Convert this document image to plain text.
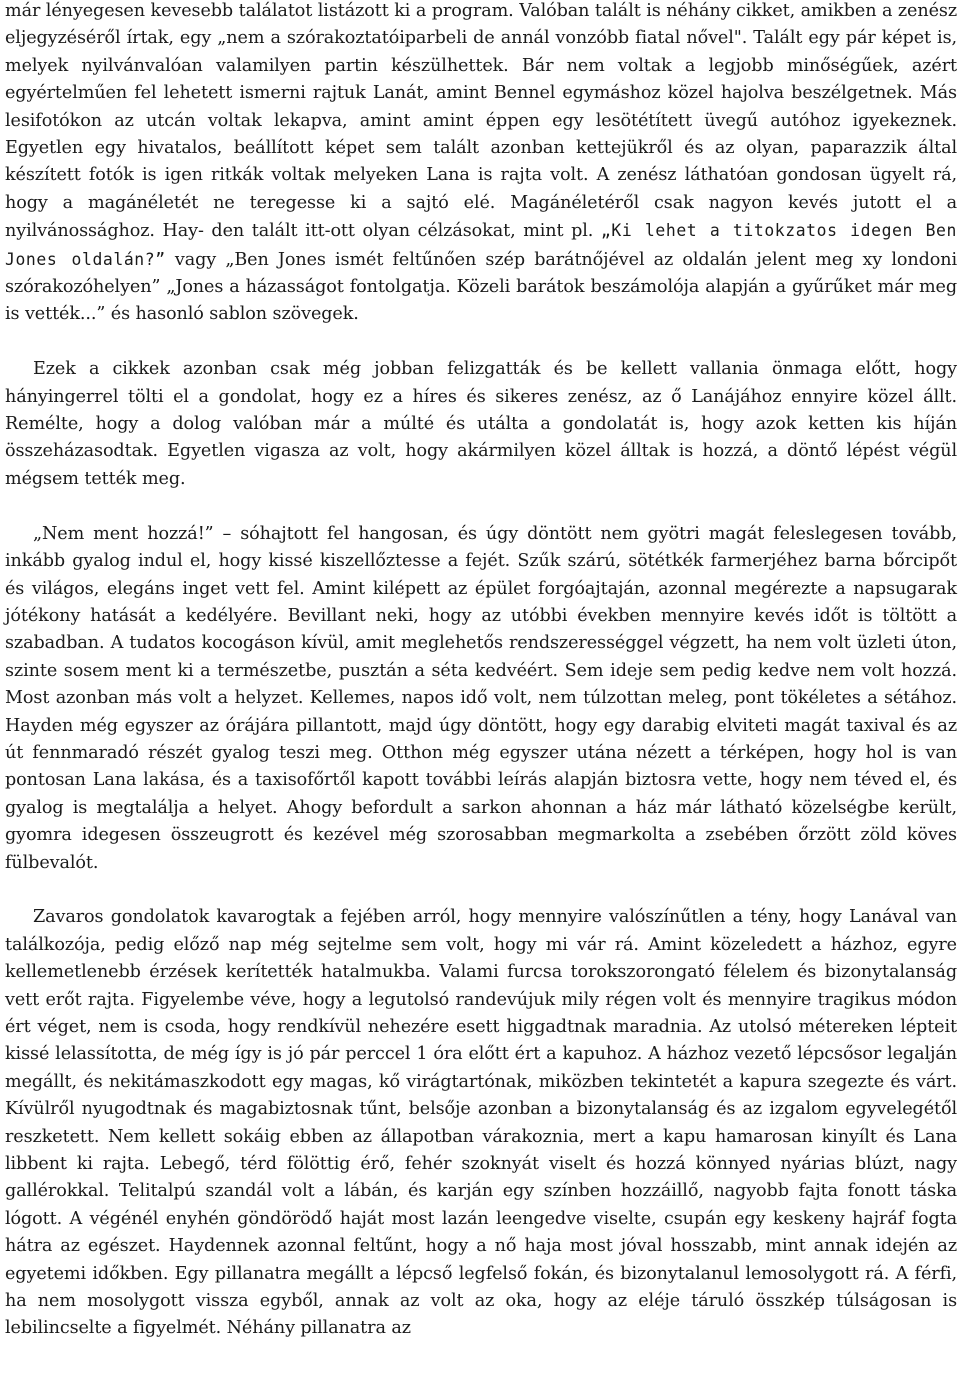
már lényegesen kevesebb találatot listázott ki a program. Valóban talált is néhány cikket, amikben a zenész eljegyzéséről írtak, egy „nem a szórakoztatóiparbeli de annál vonzóbb fiatal nővel". Talált egy pár képet is, melyek nyilvánvalóan valamilyen partin készülhettek. Bár nem voltak a legjobb minőségűek, azért egyértelműen fel lehetett ismerni rajtuk Lanát, amint Bennel egymáshoz közel hajolva beszélgetnek. Más lesifotókon az utcán voltak lekapva, amint amint éppen egy lesötétített üvegű autóhoz igyekeznek. Egyetlen egy hivatalos, beállított képet sem talált azonban kettejükről és az olyan, paparazzik által készített fotók is igen ritkák voltak melyeken Lana is rajta volt. A zenész láthatóan gondosan ügyelt rá, hogy a magánéletét ne teregesse ki a sajtó elé. Magánéletéről csak nagyon kevés jutott el a nyilvánossághoz. Hay- den talált itt-ott olyan célzásokat, mint pl. „Ki lehet a titokzatos idegen Ben Jones oldalán?” vagy „Ben Jones ismét feltűnően szép barátnőjével az oldalán jelent meg xy londoni szórakozóhelyen” „Jones a házasságot fontolgatja. Közeli barátok beszámolója alapján a gyűrűket már meg is vették...” és hasonló sablon szövegek.

Ezek a cikkek azonban csak még jobban felizgatták és be kellett vallania önmaga előtt, hogy hányingerrel tölti el a gondolat, hogy ez a híres és sikeres zenész, az ő Lanájához ennyire közel állt. Remélte, hogy a dolog valóban már a múlté és utálta a gondolatát is, hogy azok ketten kis híján összeházasodtak. Egyetlen vigasza az volt, hogy akármilyen közel álltak is hozzá, a döntő lépést végül mégsem tették meg.

„Nem ment hozzá!” – sóhajtott fel hangosan, és úgy döntött nem gyötri magát feleslegesen tovább, inkább gyalog indul el, hogy kissé kiszellőztesse a fejét. Szűk szárú, sötétkék farmerjéhez barna bőrcipőt és világos, elegáns inget vett fel. Amint kilépett az épület forgóajtaján, azonnal megérezte a napsugarak jótékony hatását a kedélyére. Bevillant neki, hogy az utóbbi években mennyire kevés időt is töltött a szabadban. A tudatos kocogáson kívül, amit meglehetős rendszerességgel végzett, ha nem volt üzleti úton, szinte sosem ment ki a természetbe, pusztán a séta kedvéért. Sem ideje sem pedig kedve nem volt hozzá. Most azonban más volt a helyzet. Kellemes, napos idő volt, nem túlzottan meleg, pont tökéletes a sétához. Hayden még egyszer az órájára pillantott, majd úgy döntött, hogy egy darabig elviteti magát taxival és az út fennmaradó részét gyalog teszi meg. Otthon még egyszer utána nézett a térképen, hogy hol is van pontosan Lana lakása, és a taxisofőrtől kapott további leírás alapján biztosra vette, hogy nem téved el, és gyalog is megtalálja a helyet. Ahogy befordult a sarkon ahonnan a ház már látható közelségbe került, gyomra idegesen összeugrott és kezével még szorosabban megmarkolta a zsebében őrzött zöld köves fülbevalót.

Zavaros gondolatok kavarogtak a fejében arról, hogy mennyire valószínűtlen a tény, hogy Lanával van találkozója, pedig előző nap még sejtelme sem volt, hogy mi vár rá. Amint közeledett a házhoz, egyre kellemetlenebb érzések kerítették hatalmukba. Valami furcsa torokszorongató félelem és bizonytalanság vett erőt rajta. Figyelembe véve, hogy a legutolsó randevújuk mily régen volt és mennyire tragikus módon ért véget, nem is csoda, hogy rendkívül nehezére esett higgadtnak maradnia. Az utolsó métereken lépteit kissé lelassította, de még így is jó pár perccel 1 óra előtt ért a kapuhoz. A házhoz vezető lépcsősor legalján megállt, és nekitámaszkodott egy magas, kő virágtartónak, miközben tekintetét a kapura szegezte és várt. Kívülről nyugodtnak és magabiztosnak tűnt, belsője azonban a bizonytalanság és az izgalom egyvelegétől reszketett. Nem kellett sokáig ebben az állapotban várakoznia, mert a kapu hamarosan kinyílt és Lana libbent ki rajta. Lebegő, térd fölöttig érő, fehér szoknyát viselt és hozzá könnyed nyárias blúzt, nagy gallérokkal. Telitalpú szandál volt a lábán, és karján egy színben hozzáillő, nagyobb fajta fonott táska lógott. A végénél enyhén göndörödő haját most lazán leengedve viselte, csupán egy keskeny hajráf fogta hátra az egészet. Haydennek azonnal feltűnt, hogy a nő haja most jóval hosszabb, mint annak idején az egyetemi időkben. Egy pillanatra megállt a lépcső legfelső fokán, és bizonytalanul lemosolygott rá. A férfi, ha nem mosolygott vissza egyből, annak az volt az oka, hogy az eléje táruló összkép túlságosan is lebilincselte a figyelmét. Néhány pillanatra az
